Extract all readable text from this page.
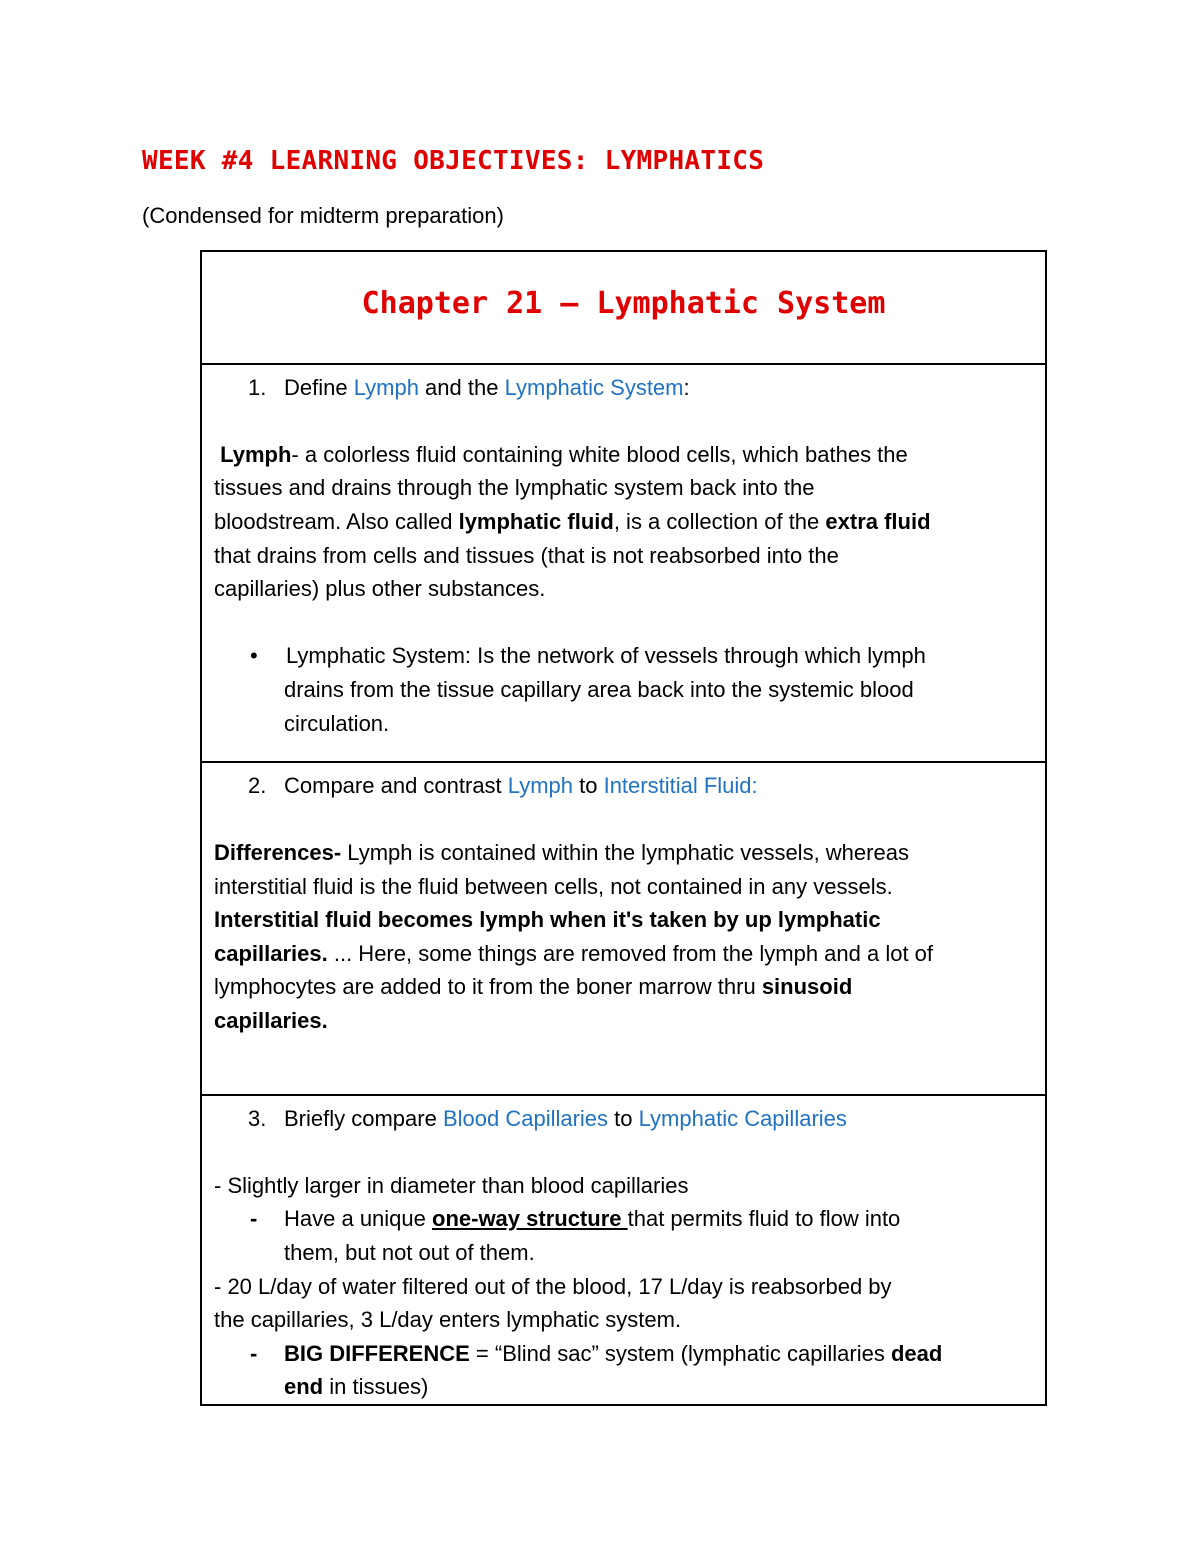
WEEK #4 LEARNING OBJECTIVES: LYMPHATICS

(Condensed for midterm preparation)

Chapter 21 – Lymphatic System

1. Define Lymph and the Lymphatic System:

Lymph- a colorless fluid containing white blood cells, which bathes the

tissues and drains through the lymphatic system back into the

bloodstream. Also called lymphatic fluid, is a collection of the extra fluid

that drains from cells and tissues (that is not reabsorbed into the

capillaries) plus other substances.

• Lymphatic System: Is the network of vessels through which lymph

drains from the tissue capillary area back into the systemic blood

circulation.

2. Compare and contrast Lymph to Interstitial Fluid:

Differences- Lymph is contained within the lymphatic vessels, whereas

interstitial fluid is the fluid between cells, not contained in any vessels.

Interstitial fluid becomes lymph when it's taken by up lymphatic

capillaries. ... Here, some things are removed from the lymph and a lot of

lymphocytes are added to it from the boner marrow thru sinusoid

capillaries.

3. Briefly compare Blood Capillaries to Lymphatic Capillaries

- Slightly larger in diameter than blood capillaries

- Have a unique one-way structure that permits fluid to flow into

them, but not out of them.

- 20 L/day of water filtered out of the blood, 17 L/day is reabsorbed by

the capillaries, 3 L/day enters lymphatic system.

- BIG DIFFERENCE = “Blind sac” system (lymphatic capillaries dead

end in tissues)
